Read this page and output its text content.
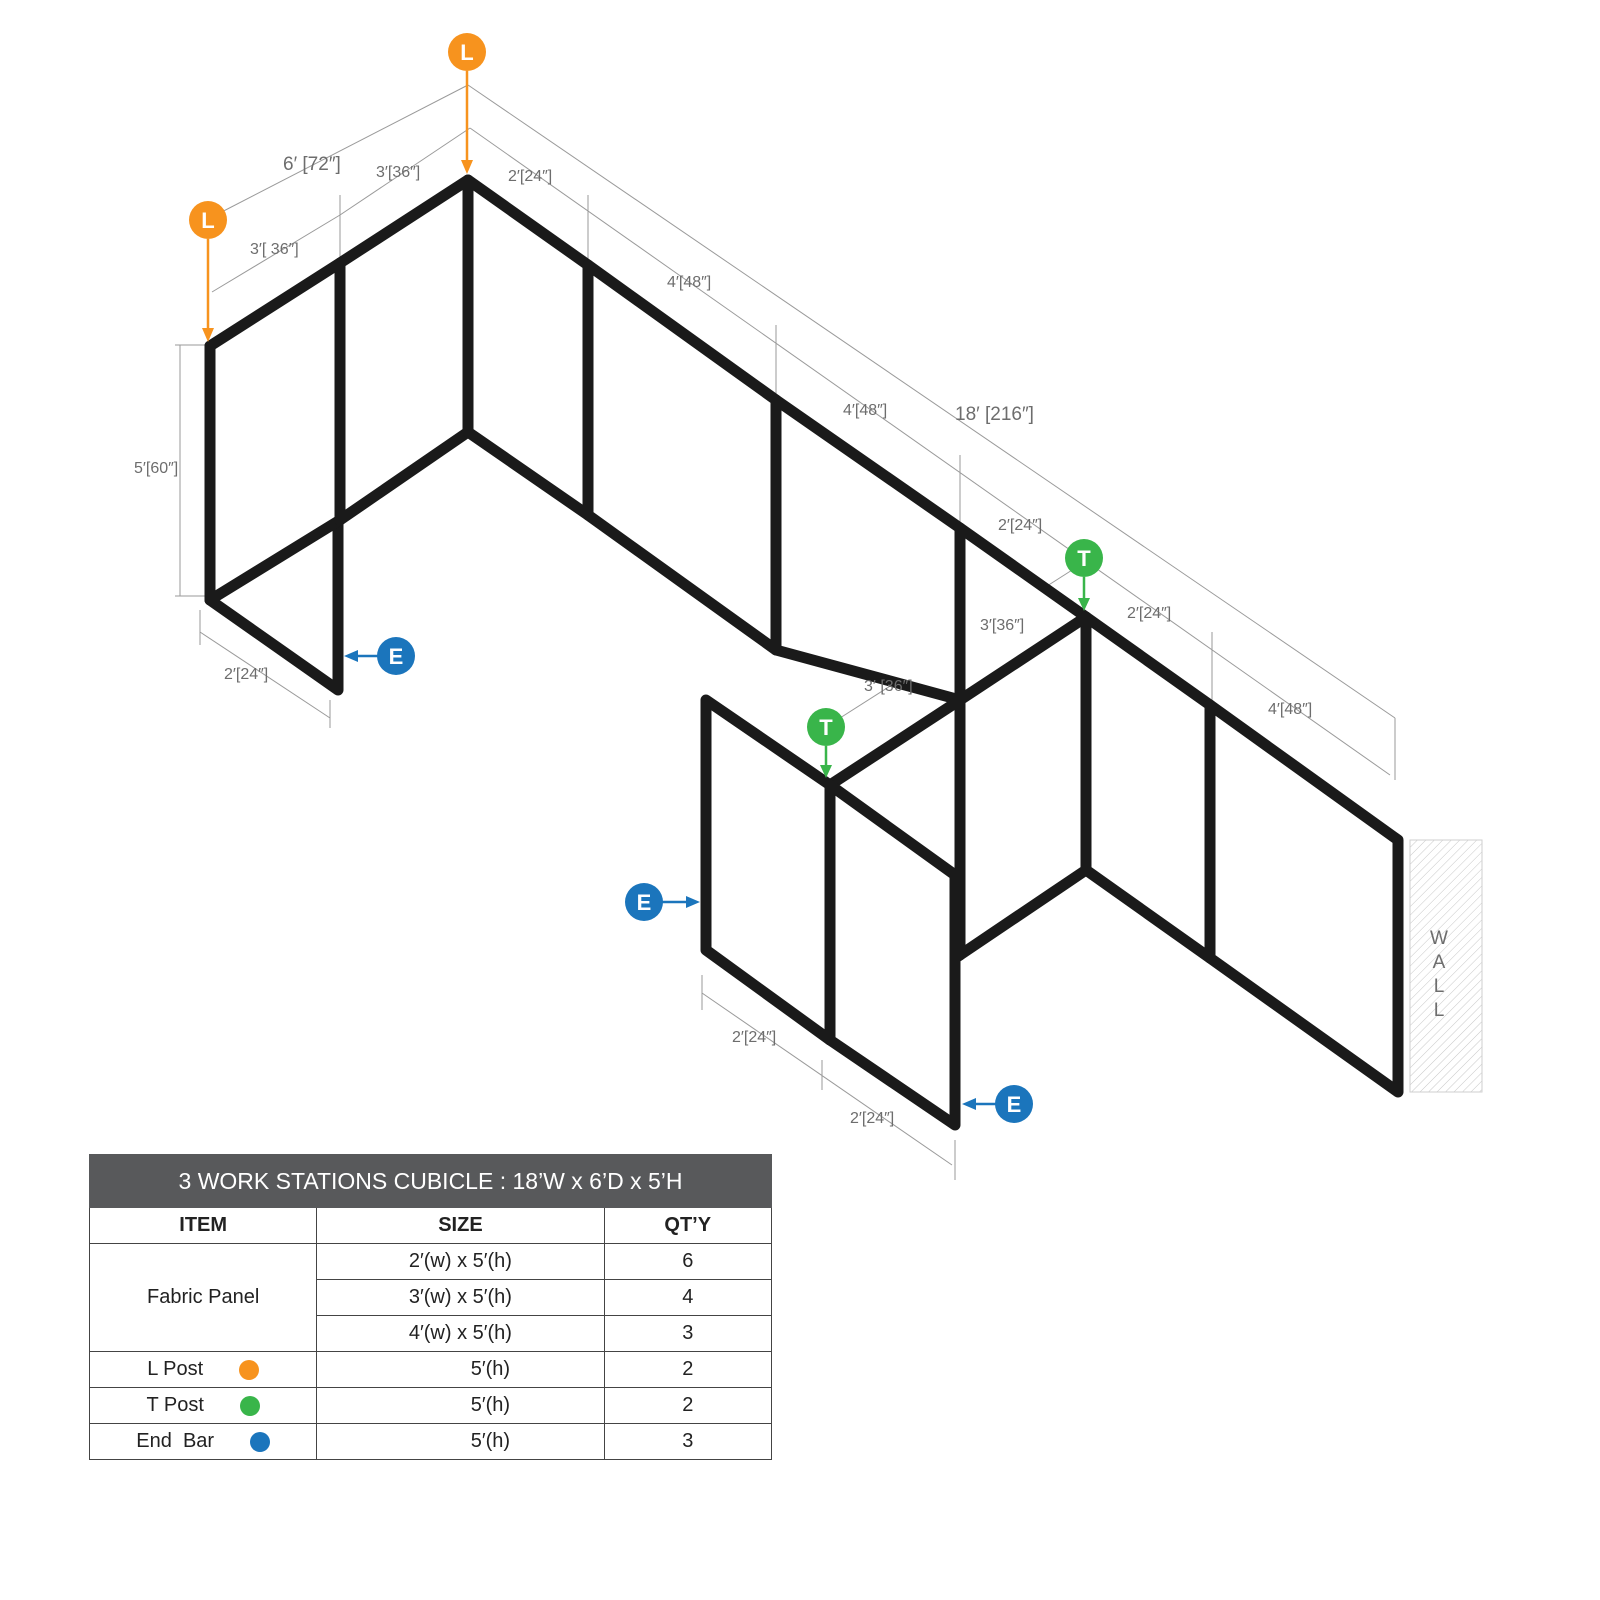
W
A
L
L
6′ [72″]
18′ [216″]
5′[60″]
3′[36″]
3′[ 36″]
2′[24″]
4′[48″]
4′[48″]
2′[24″]
2′[24″]
4′[48″]
3′[36″]
3′ [36″]
2′[24″]
2′[24″]
2′[24″]
L
L
T
T
E
E
E
3 WORK STATIONS CUBICLE : 18’W x 6’D x 5’H		
ITEM	SIZE	QT’Y
Fabric Panel	2′(w) x 5′(h)	6
	3′(w) x 5′(h)	4
	4′(w) x 5′(h)	3
L Post	5′(h)	2
T Post	5′(h)	2
End  Bar	5′(h)	3
